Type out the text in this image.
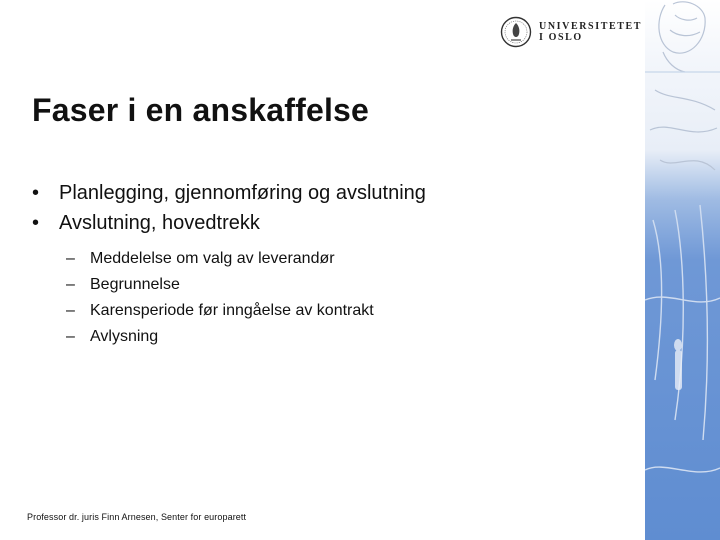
UNIVERSITETET
I OSLO
Faser i en anskaffelse
• Planlegging, gjennomføring og avslutning
• Avslutning, hovedtrekk
– Meddelelse om valg av leverandør
– Begrunnelse
– Karensperiode før inngåelse av kontrakt
– Avlysning
Professor dr. juris Finn Arnesen, Senter for europarett
